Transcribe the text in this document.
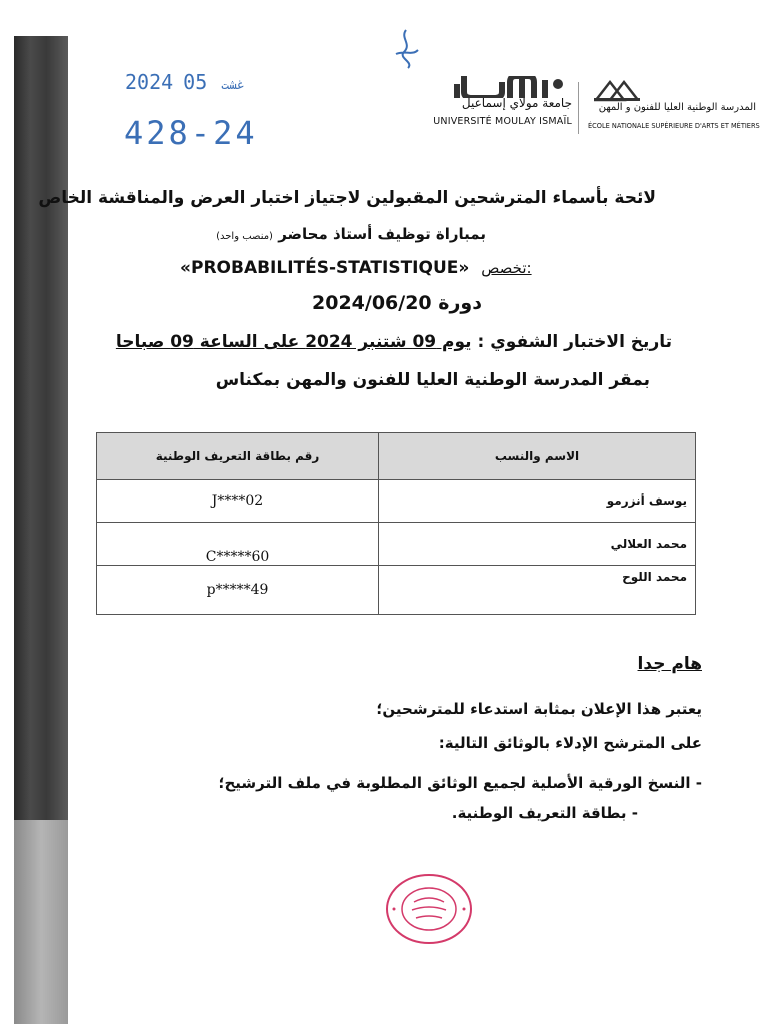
2024	غشت05
428-24
جامعة مولاي إسماعيل
UNIVERSITÉ MOULAY ISMAÏL
المدرسة الوطنية العليا للفنون و المهن
ÉCOLE NATIONALE SUPÉRIEURE D'ARTS ET MÉTIERS
لائحة بأسماء المترشحين المقبولين لاجتياز اختبار العرض والمناقشة الخاص
بمباراة توظيف أستاذ محاضر (منصب واحد)
«PROBABILITÉS-STATISTIQUE» تخصص:
دورة 2024/06/20
تاريخ الاختبار الشفوي : يوم 09 شتنبر 2024 على الساعة 09 صباحا
بمقر المدرسة الوطنية العليا للفنون والمهن بمكناس
رقم بطاقة التعريف الوطنية	الاسم والنسب
J****02	يوسف أنزرمو
C*****60	محمد العلالي
p*****49	محمد اللوح
هام جدا
يعتبر هذا الإعلان بمثابة استدعاء للمترشحين؛
على المترشح الإدلاء بالوثائق التالية:
- النسخ الورقية الأصلية لجميع الوثائق المطلوبة في ملف الترشيح؛
- بطاقة التعريف الوطنية.
